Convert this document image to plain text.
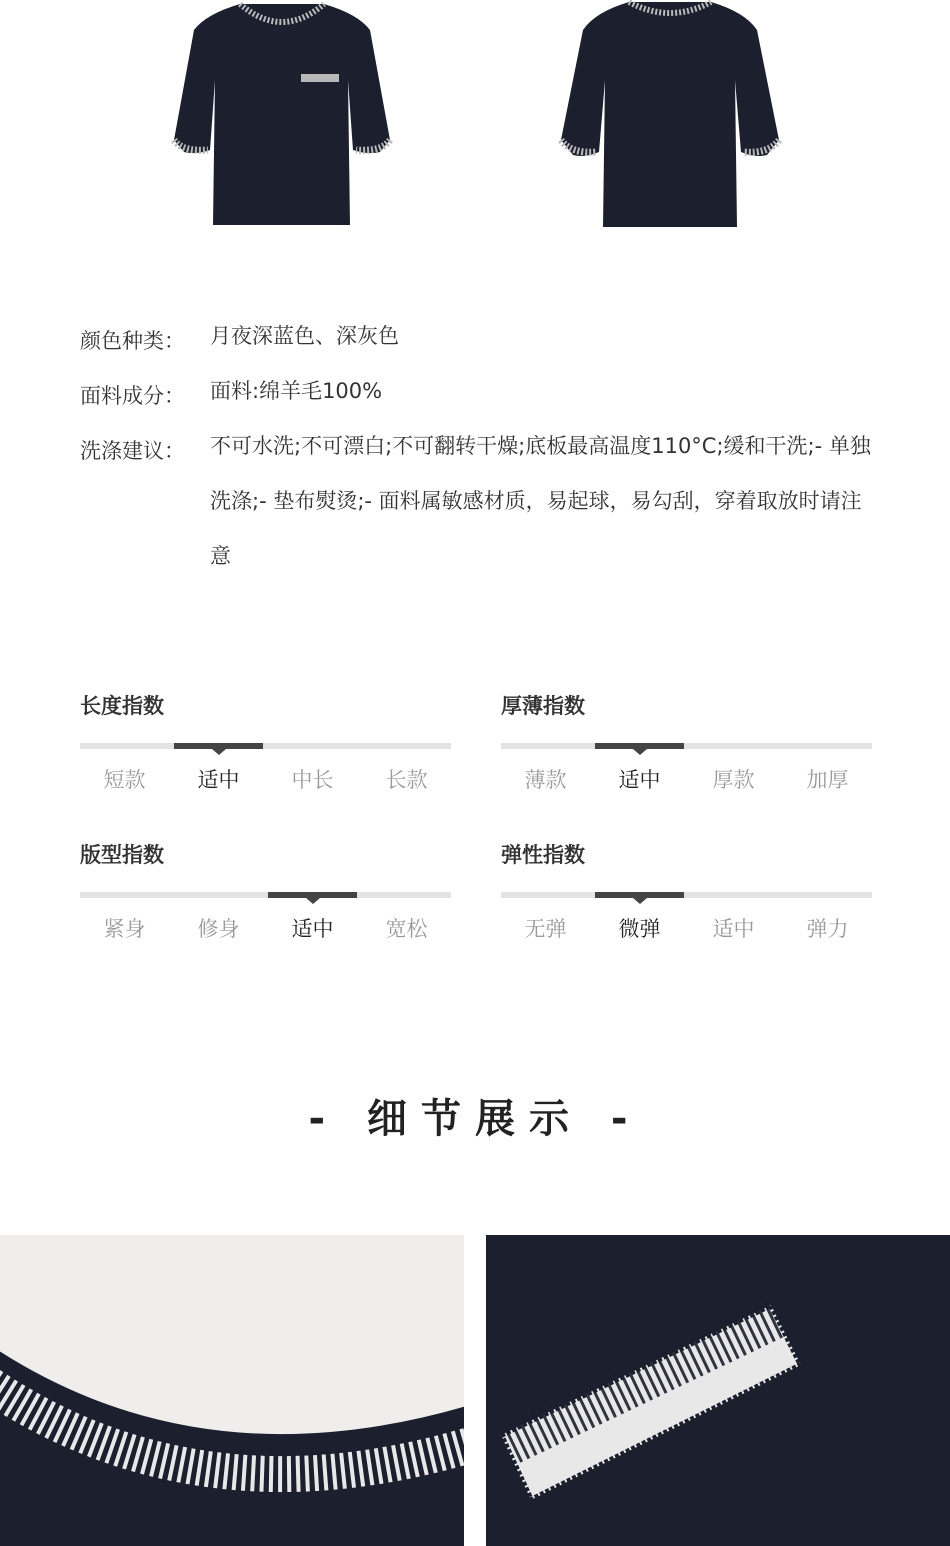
颜色种类：	月夜深蓝色、深灰色
面料成分：	面料:绵羊毛100%
洗涤建议：	不可水洗;不可漂白;不可翻转干燥;底板最高温度110°C;缓和干洗;- 单独洗涤;- 垫布熨烫;- 面料属敏感材质，易起球，易勾刮，穿着取放时请注意
长度指数
短款	适中	中长	长款
厚薄指数
薄款	适中	厚款	加厚
版型指数
紧身	修身	适中	宽松
弹性指数
无弹	微弹	适中	弹力
- 细节展示 -
